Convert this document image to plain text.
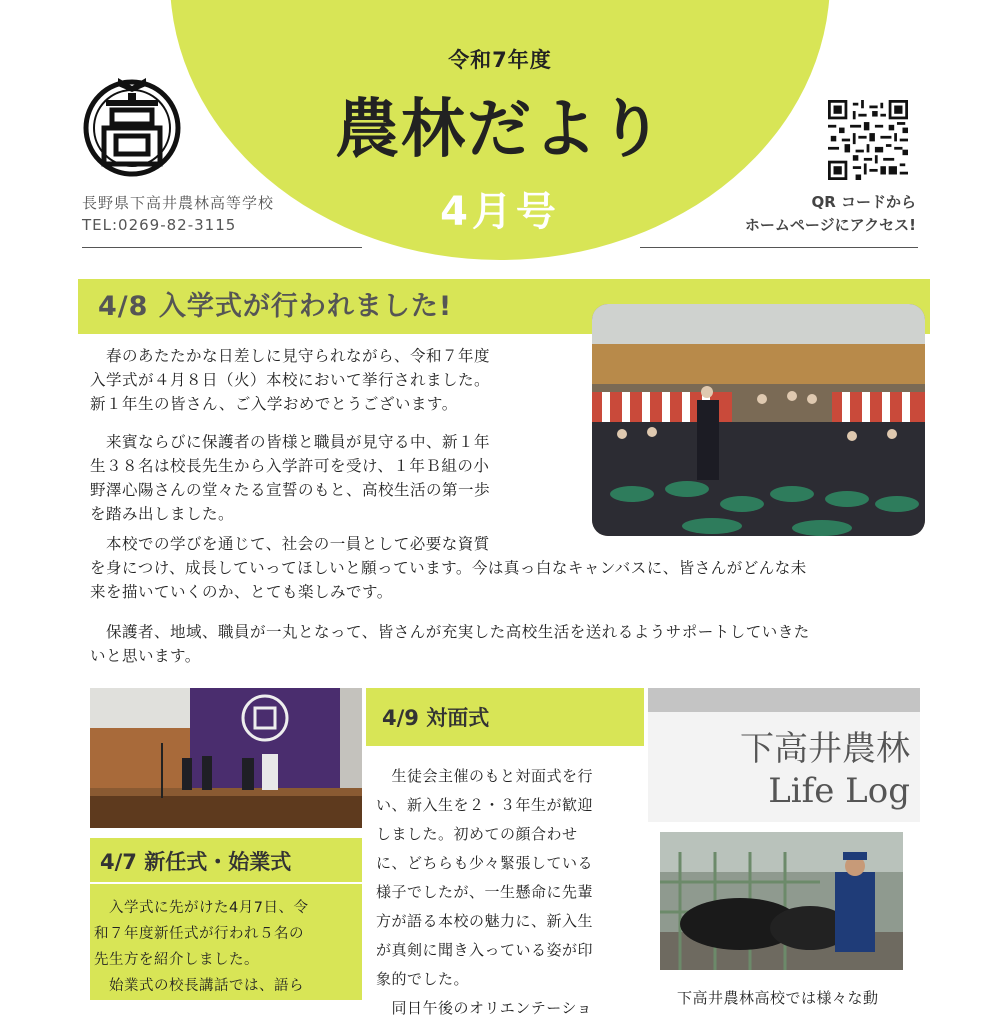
令和7年度
農林だより
4月号
長野県下高井農林高等学校
TEL:0269-82-3115
QR コードから
ホームページにアクセス!
4/8 入学式が行われました!

　春のあたたかな日差しに見守られながら、令和７年度
入学式が４月８日（火）本校において挙行されました。
新１年生の皆さん、ご入学おめでとうございます。

　来賓ならびに保護者の皆様と職員が見守る中、新１年
生３８名は校長先生から入学許可を受け、１年Ｂ組の小
野澤心陽さんの堂々たる宣誓のもと、高校生活の第一歩
を踏み出しました。

　本校での学びを通じて、社会の一員として必要な資質
を身につけ、成長していってほしいと願っています。今は真っ白なキャンバスに、皆さんがどんな未
来を描いていくのか、とても楽しみです。

　保護者、地域、職員が一丸となって、皆さんが充実した高校生活を送れるようサポートしていきた
いと思います。

4/7 新任式・始業式

　入学式に先がけた4月7日、令
和７年度新任式が行われ５名の
先生方を紹介しました。
　始業式の校長講話では、語ら

4/9 対面式

　生徒会主催のもと対面式を行
い、新入生を２・３年生が歓迎
しました。初めての顔合わせ
に、どちらも少々緊張している
様子でしたが、一生懸命に先輩
方が語る本校の魅力に、新入生
が真剣に聞き入っている姿が印
象的でした。
　同日午後のオリエンテーショ

下高井農林
Life Log

下高井農林高校では様々な動
